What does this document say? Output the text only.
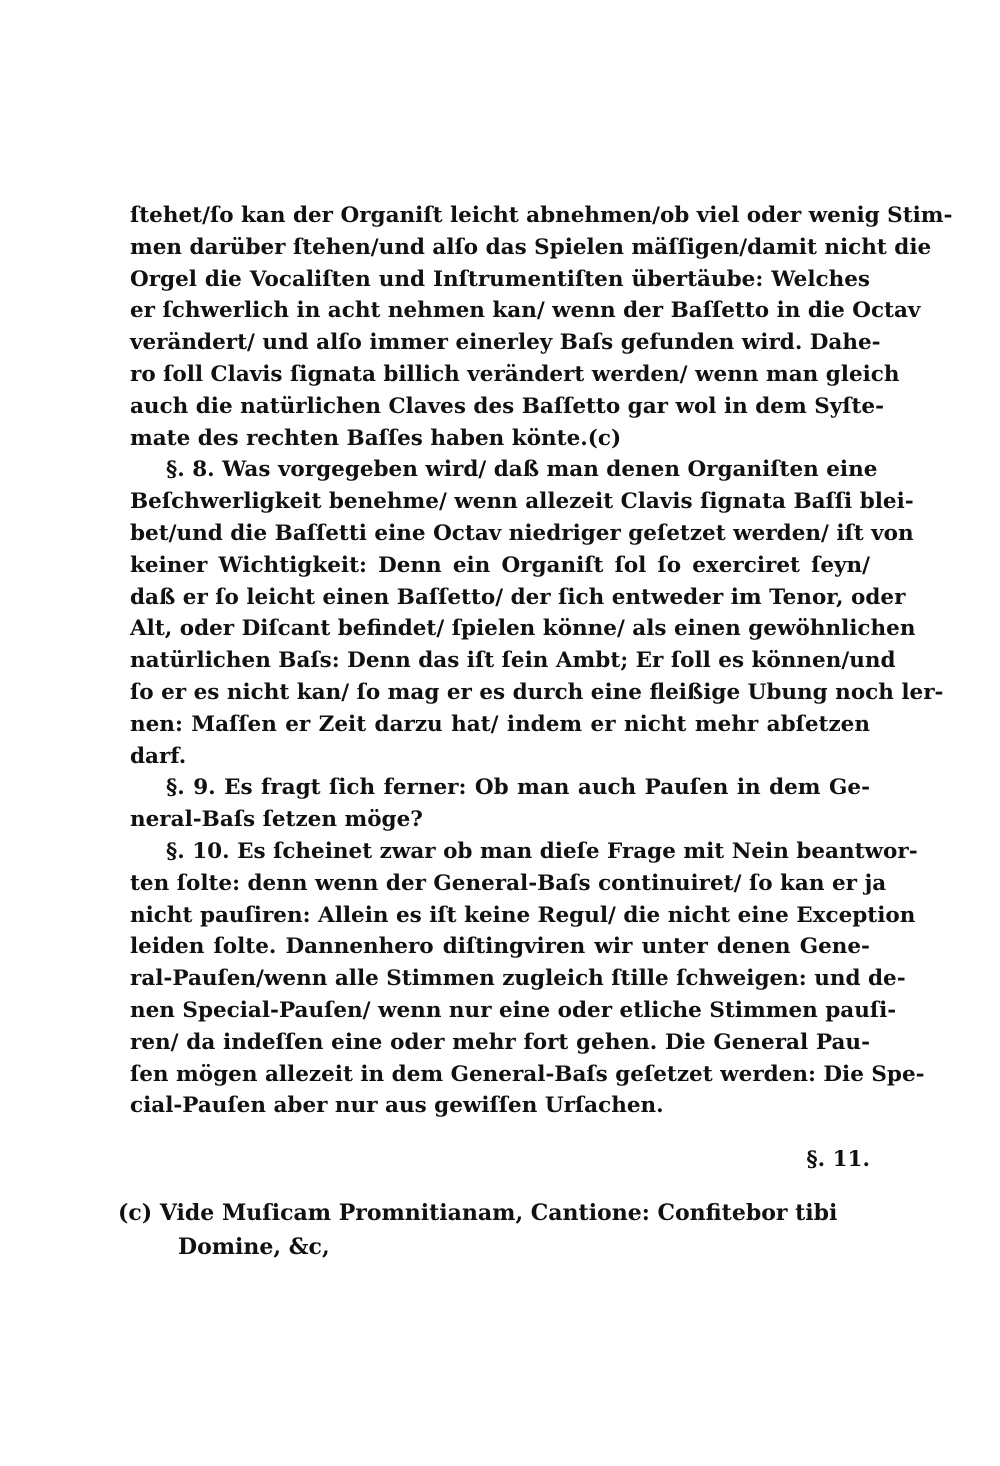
ſtehet/ſo kan der Organiſt leicht abnehmen/ob viel oder wenig Stim-
men darüber ſtehen/und alſo das Spielen mäſſigen/damit nicht die
Orgel die Vocaliſten und Inſtrumentiſten übertäube: Welches
er ſchwerlich in acht nehmen kan/ wenn der Baſſetto in die Octav
verändert/ und alſo immer einerley Baſs gefunden wird. Dahe-
ro ſoll Clavis ſignata billich verändert werden/ wenn man gleich
auch die natürlichen Claves des Baſſetto gar wol in dem Syſte-
mate des rechten Baſſes haben könte.(c)
§. 8. Was vorgegeben wird/ daß man denen Organiſten eine
Beſchwerligkeit benehme/ wenn allezeit Clavis ſignata Baſſi blei-
bet/und die Baſſetti eine Octav niedriger geſetzet werden/ iſt von
keiner Wichtigkeit: Denn ein Organiſt ſol ſo exerciret ſeyn/
daß er ſo leicht einen Baſſetto/ der ſich entweder im Tenor, oder
Alt, oder Diſcant befindet/ ſpielen könne/ als einen gewöhnlichen
natürlichen Baſs: Denn das iſt ſein Ambt; Er ſoll es können/und
ſo er es nicht kan/ ſo mag er es durch eine fleißige Ubung noch ler-
nen: Maſſen er Zeit darzu hat/ indem er nicht mehr abſetzen
darf.
§. 9. Es fragt ſich ferner: Ob man auch Pauſen in dem Ge-
neral-Baſs ſetzen möge?
§. 10. Es ſcheinet zwar ob man dieſe Frage mit Nein beantwor-
ten ſolte: denn wenn der General-Baſs continuiret/ ſo kan er ja
nicht pauſiren: Allein es iſt keine Regul/ die nicht eine Exception
leiden ſolte. Dannenhero diſtingviren wir unter denen Gene-
ral-Pauſen/wenn alle Stimmen zugleich ſtille ſchweigen: und de-
nen Special-Pauſen/ wenn nur eine oder etliche Stimmen pauſi-
ren/ da indeſſen eine oder mehr fort gehen. Die General Pau-
ſen mögen allezeit in dem General-Baſs geſetzet werden: Die Spe-
cial-Pauſen aber nur aus gewiſſen Urſachen.
§. 11.
(c) Vide Muſicam Promnitianam, Cantione: Confitebor tibi
Domine, &c,
